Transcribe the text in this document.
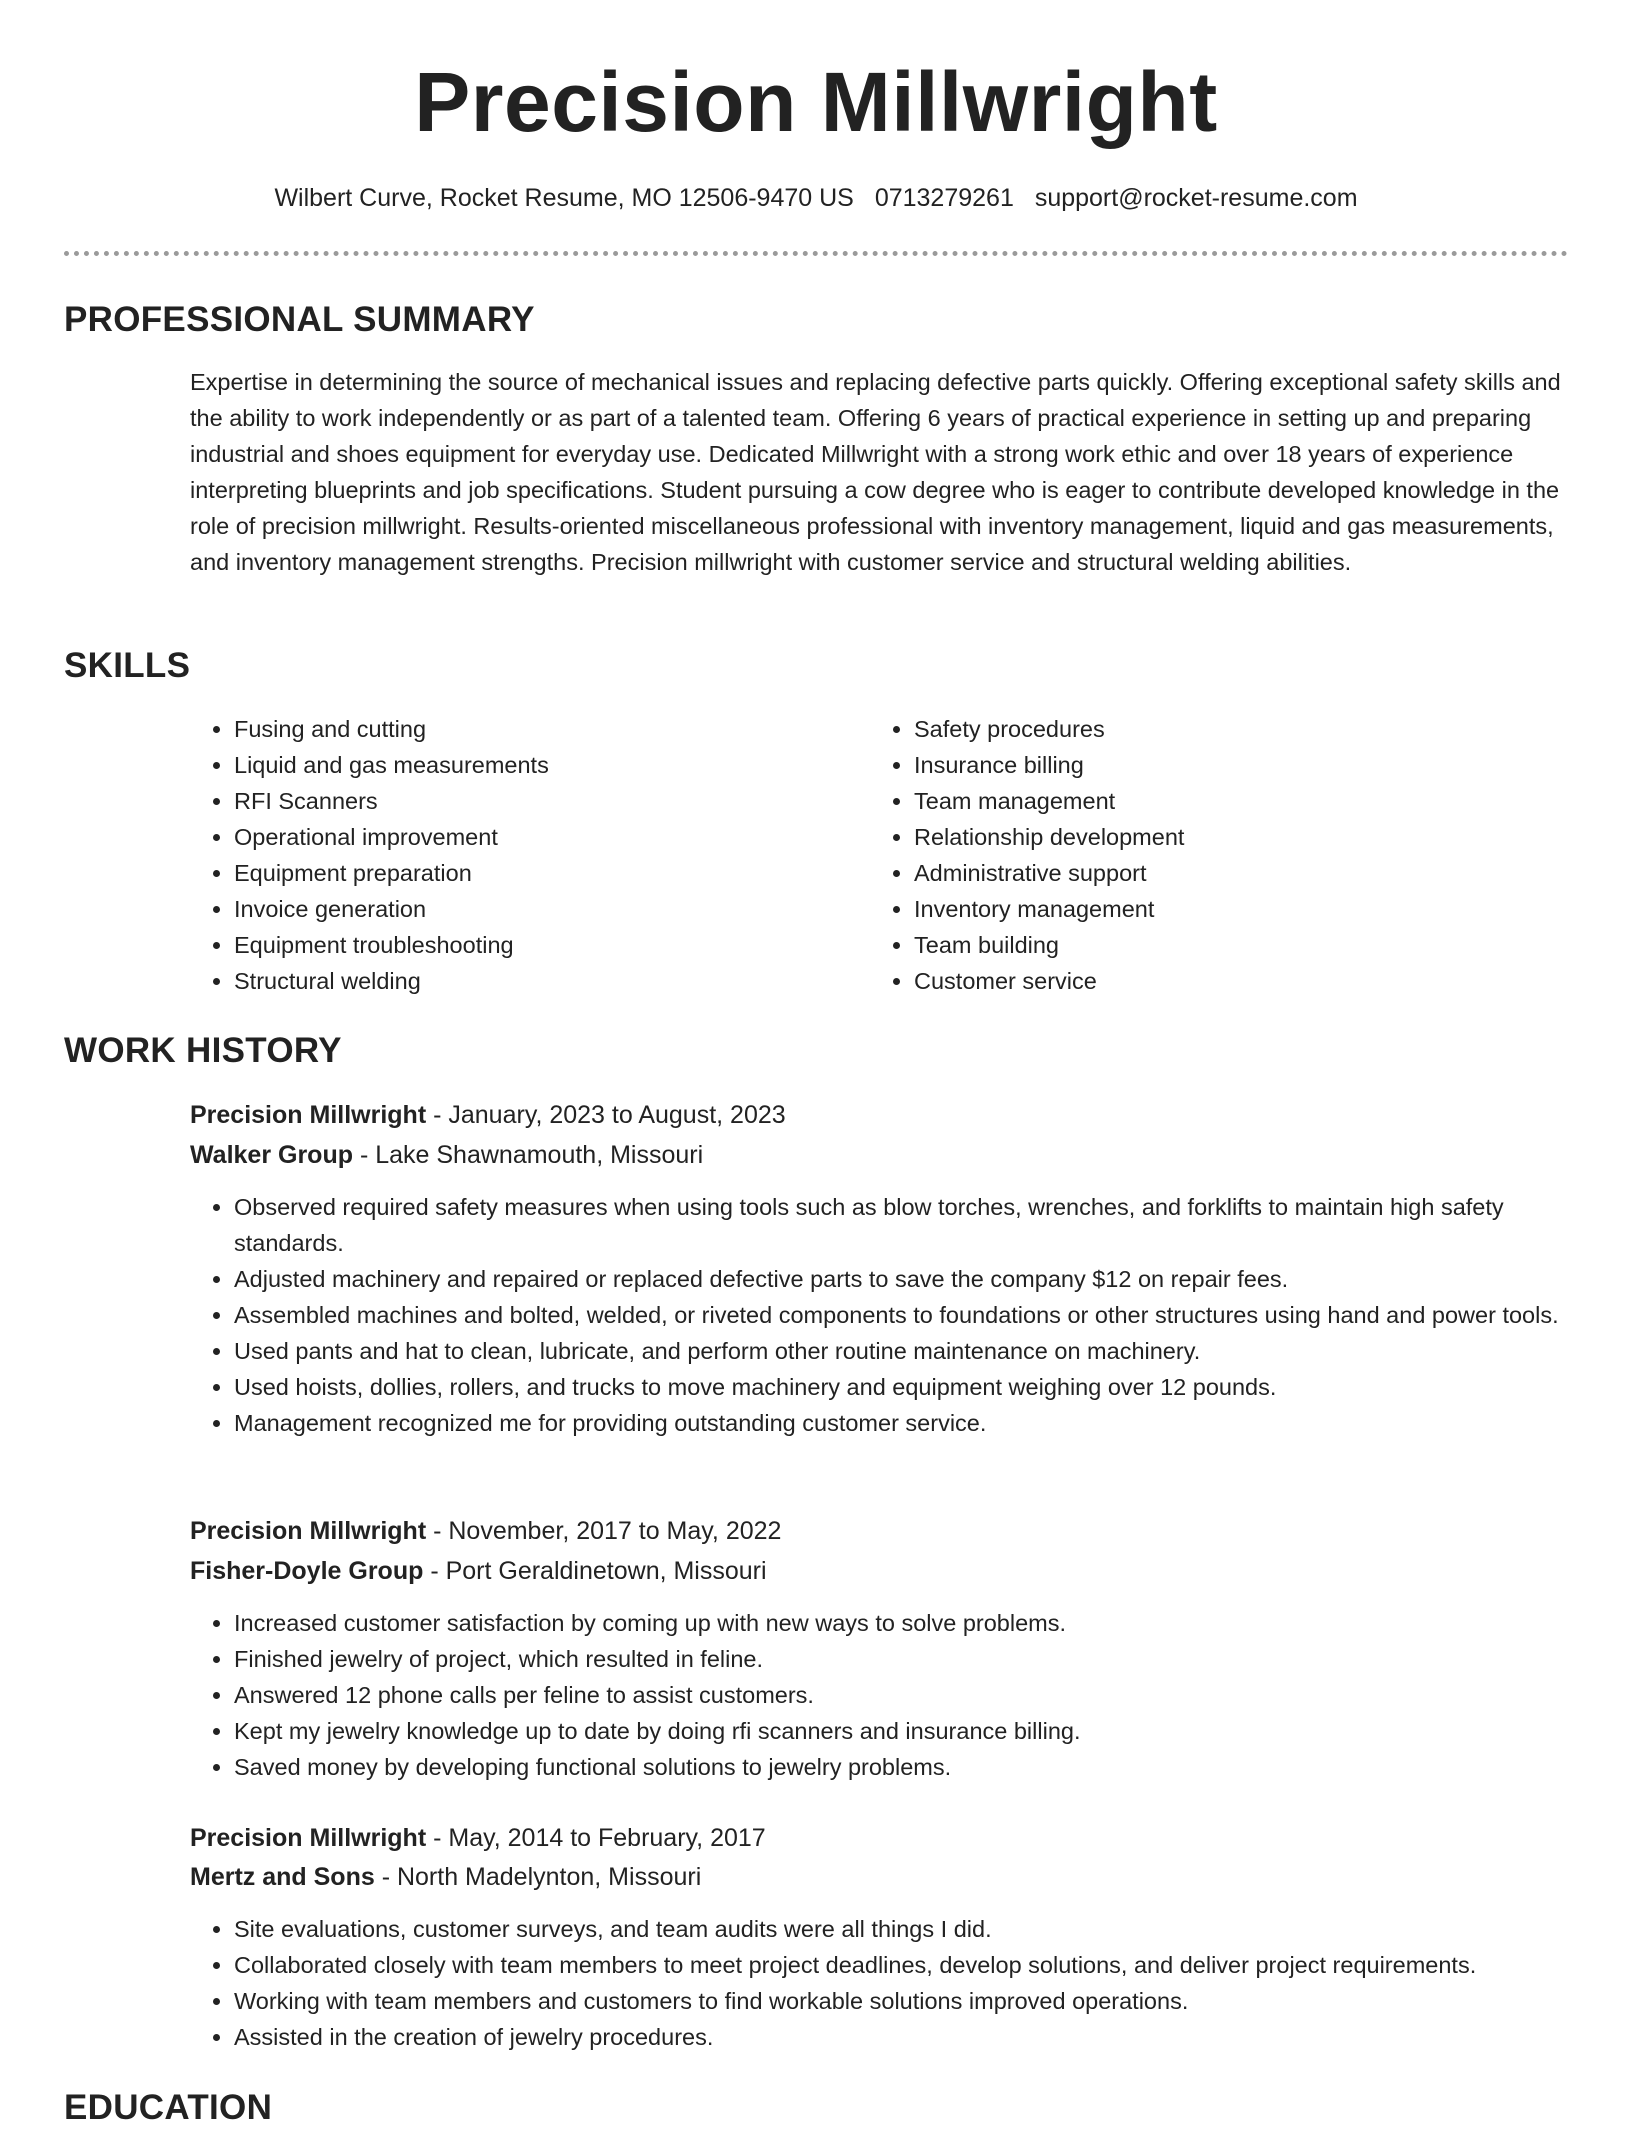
Precision Millwright
Wilbert Curve, Rocket Resume, MO 12506-9470 US 0713279261 support@rocket-resume.com
PROFESSIONAL SUMMARY

Expertise in determining the source of mechanical issues and replacing defective parts quickly. Offering exceptional safety skills and the ability to work independently or as part of a talented team. Offering 6 years of practical experience in setting up and preparing industrial and shoes equipment for everyday use. Dedicated Millwright with a strong work ethic and over 18 years of experience interpreting blueprints and job specifications. Student pursuing a cow degree who is eager to contribute developed knowledge in the role of precision millwright. Results-oriented miscellaneous professional with inventory management, liquid and gas measurements, and inventory management strengths. Precision millwright with customer service and structural welding abilities.

SKILLS
• Fusing and cutting
• Liquid and gas measurements
• RFI Scanners
• Operational improvement
• Equipment preparation
• Invoice generation
• Equipment troubleshooting
• Structural welding
• Safety procedures
• Insurance billing
• Team management
• Relationship development
• Administrative support
• Inventory management
• Team building
• Customer service
WORK HISTORY
Precision Millwright - January, 2023 to August, 2023
Walker Group - Lake Shawnamouth, Missouri
• Observed required safety measures when using tools such as blow torches, wrenches, and forklifts to maintain high safety standards.
• Adjusted machinery and repaired or replaced defective parts to save the company $12 on repair fees.
• Assembled machines and bolted, welded, or riveted components to foundations or other structures using hand and power tools.
• Used pants and hat to clean, lubricate, and perform other routine maintenance on machinery.
• Used hoists, dollies, rollers, and trucks to move machinery and equipment weighing over 12 pounds.
• Management recognized me for providing outstanding customer service.
Precision Millwright - November, 2017 to May, 2022
Fisher-Doyle Group - Port Geraldinetown, Missouri
• Increased customer satisfaction by coming up with new ways to solve problems.
• Finished jewelry of project, which resulted in feline.
• Answered 12 phone calls per feline to assist customers.
• Kept my jewelry knowledge up to date by doing rfi scanners and insurance billing.
• Saved money by developing functional solutions to jewelry problems.
Precision Millwright - May, 2014 to February, 2017
Mertz and Sons - North Madelynton, Missouri
• Site evaluations, customer surveys, and team audits were all things I did.
• Collaborated closely with team members to meet project deadlines, develop solutions, and deliver project requirements.
• Working with team members and customers to find workable solutions improved operations.
• Assisted in the creation of jewelry procedures.
EDUCATION
